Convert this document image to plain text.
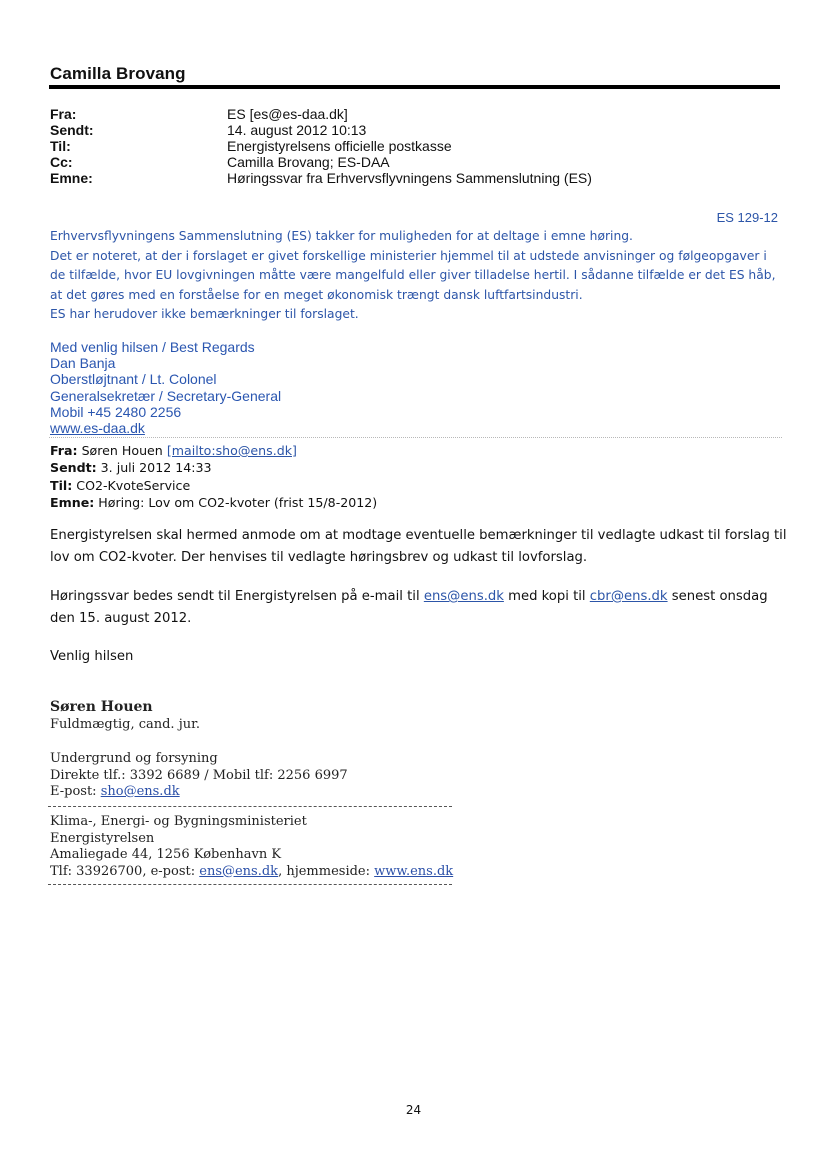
Camilla Brovang
Fra:	ES [es@es-daa.dk]
Sendt:	14. august 2012 10:13
Til:	Energistyrelsens officielle postkasse
Cc:	Camilla Brovang; ES-DAA
Emne:	Høringssvar fra Erhvervsflyvningens Sammenslutning (ES)
ES 129-12

Erhvervsflyvningens Sammenslutning (ES) takker for muligheden for at deltage i emne høring.

Det er noteret, at der i forslaget er givet forskellige ministerier hjemmel til at udstede anvisninger og følgeopgaver i de tilfælde, hvor EU lovgivningen måtte være mangelfuld eller giver tilladelse hertil. I sådanne tilfælde er det ES håb, at det gøres med en forståelse for en meget økonomisk trængt dansk luftfartsindustri.

ES har herudover ikke bemærkninger til forslaget.

Med venlig hilsen / Best Regards
Dan Banja
Oberstløjtnant / Lt. Colonel
Generalsekretær / Secretary-General
Mobil +45 2480 2256
www.es-daa.dk
Fra: Søren Houen [mailto:sho@ens.dk]
Sendt: 3. juli 2012 14:33
Til: CO2-KvoteService
Emne: Høring: Lov om CO2-kvoter (frist 15/8-2012)
Energistyrelsen skal hermed anmode om at modtage eventuelle bemærkninger til vedlagte udkast til forslag til lov om CO2-kvoter. Der henvises til vedlagte høringsbrev og udkast til lovforslag.
Høringssvar bedes sendt til Energistyrelsen på e-mail til ens@ens.dk med kopi til cbr@ens.dk senest onsdag den 15. august 2012.
Venlig hilsen
Søren Houen
Fuldmægtig, cand. jur.
Undergrund og forsyning
Direkte tlf.: 3392 6689 / Mobil tlf: 2256 6997
E-post: sho@ens.dk
Klima-, Energi- og Bygningsministeriet
Energistyrelsen
Amaliegade 44, 1256 København K
Tlf: 33926700, e-post: ens@ens.dk, hjemmeside: www.ens.dk
24
